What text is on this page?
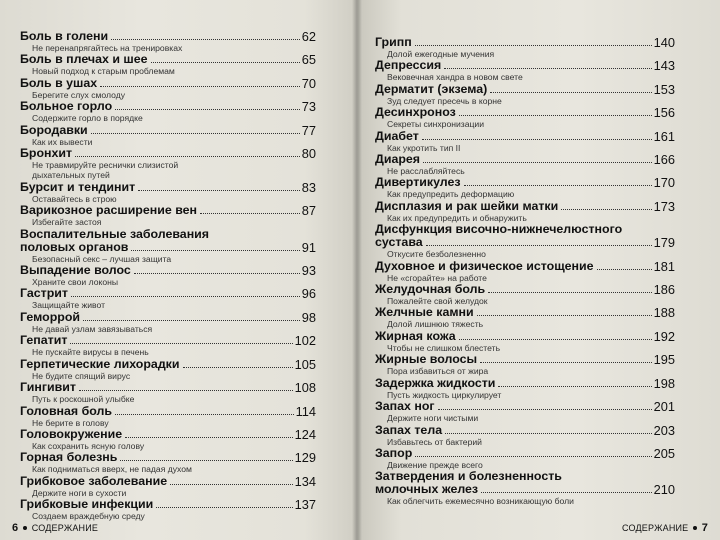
Боль в голени	62
Не перенапрягайтесь на тренировках
Боль в плечах и шее	65
Новый подход к старым проблемам
Боль в ушах	70
Берегите слух смолоду
Больное горло	73
Содержите горло в порядке
Бородавки	77
Как их вывести
Бронхит	80
Не травмируйте реснички слизистой
дыхательных путей
Бурсит и тендинит	83
Оставайтесь в строю
Варикозное расширение вен	87
Избегайте застоя
Воспалительные заболевания
половых органов	91
Безопасный секс – лучшая защита
Выпадение волос	93
Храните свои локоны
Гастрит	96
Защищайте живот
Геморрой	98
Не давай узлам завязываться
Гепатит	102
Не пускайте вирусы в печень
Герпетические лихорадки	105
Не будите спящий вирус
Гингивит	108
Путь к роскошной улыбке
Головная боль	114
Не берите в голову
Головокружение	124
Как сохранить ясную голову
Горная болезнь	129
Как подниматься вверх, не падая духом
Грибковое заболевание	134
Держите ноги в сухости
Грибковые инфекции	137
Создаем враждебную среду
Грипп	140
Долой ежегодные мучения
Депрессия	143
Вековечная хандра в новом свете
Дерматит (экзема)	153
Зуд следует пресечь в корне
Десинхроноз	156
Секреты синхронизации
Диабет	161
Как укротить тип II
Диарея	166
Не расслабляйтесь
Дивертикулез	170
Как предупредить деформацию
Дисплазия и рак шейки матки	173
Как их предупредить и обнаружить
Дисфункция височно-нижнечелюстного
сустава	179
Откусите безболезненно
Духовное и физическое истощение	181
Не «сгорайте» на работе
Желудочная боль	186
Пожалейте свой желудок
Желчные камни	188
Долой лишнюю тяжесть
Жирная кожа	192
Чтобы не слишком блестеть
Жирные волосы	195
Пора избавиться от жира
Задержка жидкости	198
Пусть жидкость циркулирует
Запах ног	201
Держите ноги чистыми
Запах тела	203
Избавьтесь от бактерий
Запор	205
Движение прежде всего
Затвердения и болезненность
молочных желез	210
Как облегчить ежемесячно возникающую боли
6 СОДЕРЖАНИЕ	СОДЕРЖАНИЕ 7
